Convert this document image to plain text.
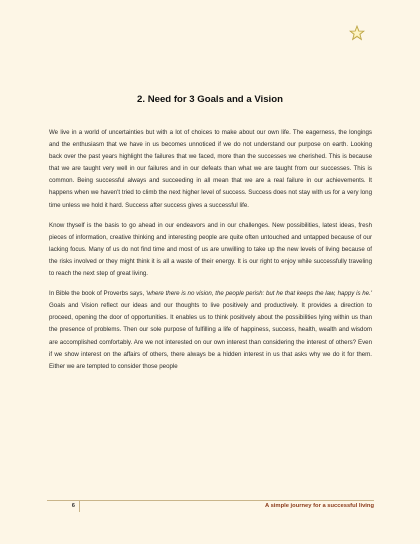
2. Need for 3 Goals and a Vision

We live in a world of uncertainties but with a lot of choices to make about our own life. The eagerness, the longings and the enthusiasm that we have in us becomes unnoticed if we do not understand our purpose on earth. Looking back over the past years highlight the failures that we faced, more than the successes we cherished. This is because that we are taught very well in our failures and in our defeats than what we are taught from our successes. This is common. Being successful always and succeeding in all mean that we are a real failure in our achievements. It happens when we haven't tried to climb the next higher level of success. Success does not stay with us for a very long time unless we hold it hard. Success after success gives a successful life.

Know thyself is the basis to go ahead in our endeavors and in our challenges. New possibilities, latest ideas, fresh pieces of information, creative thinking and interesting people are quite often untouched and untapped because of our lacking focus. Many of us do not find time and most of us are unwilling to take up the new levels of living because of the risks involved or they might think it is all a waste of their energy. It is our right to enjoy while successfully traveling to reach the next step of great living.

In Bible the book of Proverbs says, 'where there is no vision, the people perish: but he that keeps the law, happy is he.' Goals and Vision reflect our ideas and our thoughts to live positively and productively. It provides a direction to proceed, opening the door of opportunities. It enables us to think positively about the possibilities lying within us than the presence of problems. Then our sole purpose of fulfilling a life of happiness, success, health, wealth and wisdom are accomplished comfortably. Are we not interested on our own interest than considering the interest of others? Even if we show interest on the affairs of others, there always be a hidden interest in us that asks why we do it for them. Either we are tempted to consider those people

6	A simple journey for a successful living
